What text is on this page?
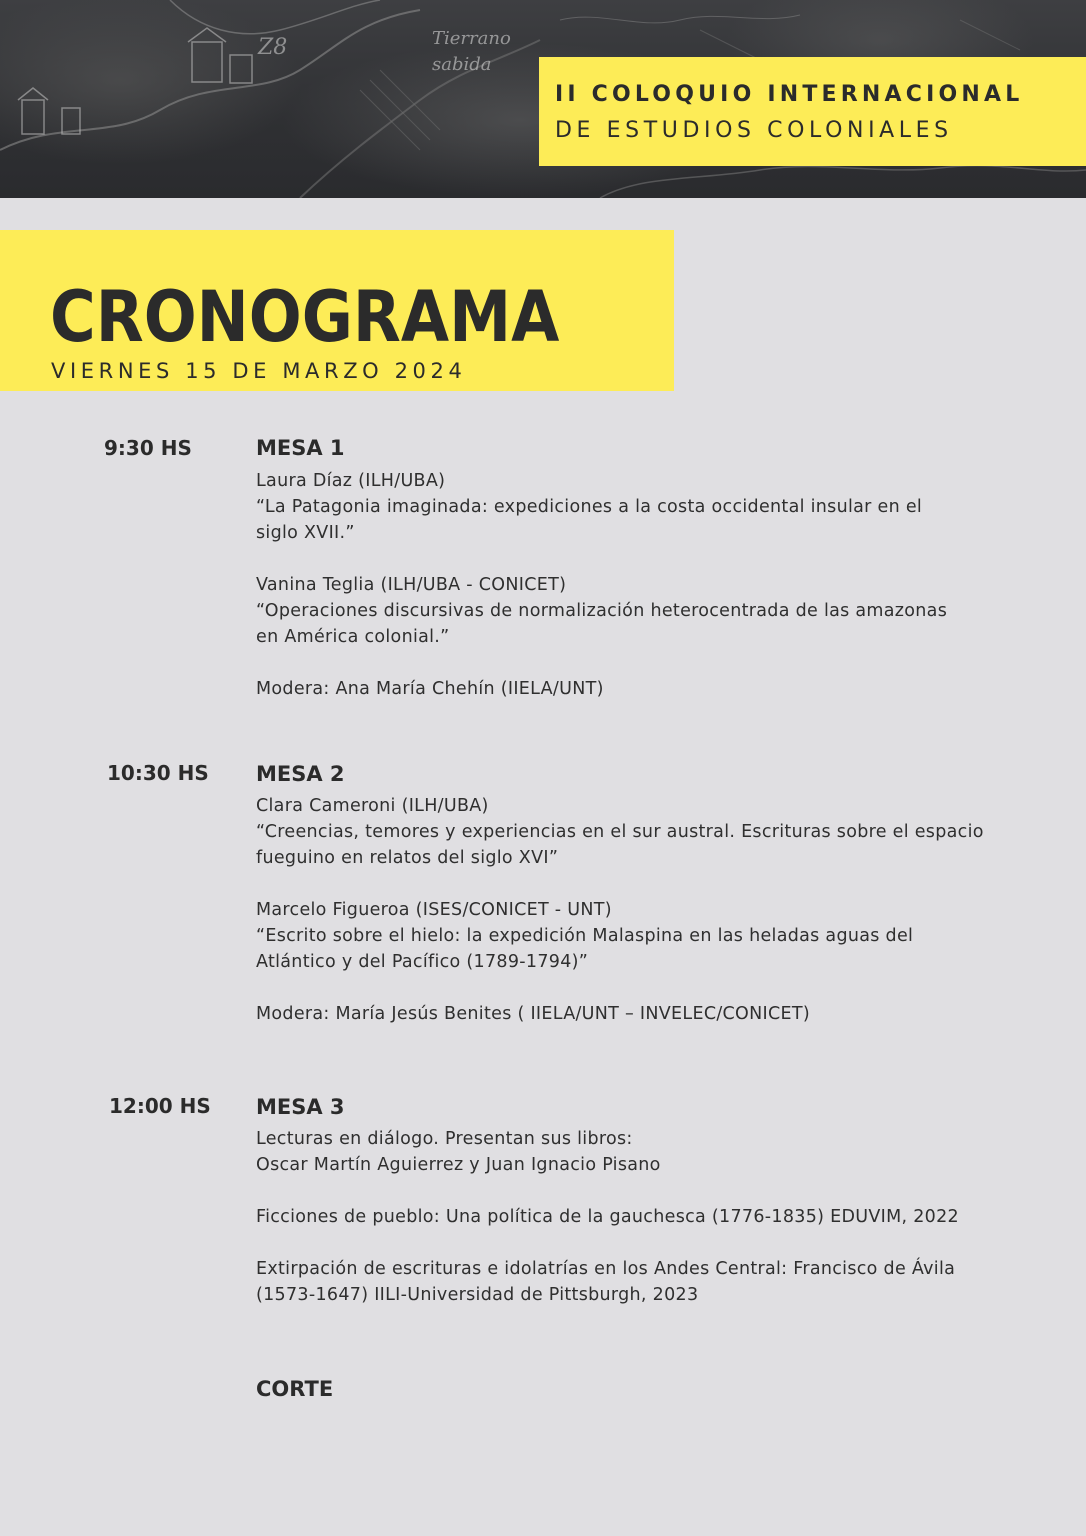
Tierrano
sabida
Z8
II COLOQUIO INTERNACIONAL
DE ESTUDIOS COLONIALES
CRONOGRAMA
VIERNES 15 DE MARZO 2024
9:30 HS	MESA 1
Laura Díaz (ILH/UBA)
“La Patagonia imaginada: expediciones a la costa occidental insular en el
siglo XVII.”
Vanina Teglia (ILH/UBA - CONICET)
“Operaciones discursivas de normalización heterocentrada de las amazonas
en América colonial.”
Modera: Ana María Chehín (IIELA/UNT)
10:30 HS MESA 2
Clara Cameroni (ILH/UBA)
“Creencias, temores y experiencias en el sur austral. Escrituras sobre el espacio
fueguino en relatos del siglo XVI”
Marcelo Figueroa (ISES/CONICET - UNT)
“Escrito sobre el hielo: la expedición Malaspina en las heladas aguas del
Atlántico y del Pacífico (1789-1794)”
Modera: María Jesús Benites ( IIELA/UNT – INVELEC/CONICET)
12:00 HS MESA 3
Lecturas en diálogo. Presentan sus libros:
Oscar Martín Aguierrez y Juan Ignacio Pisano
Ficciones de pueblo: Una política de la gauchesca (1776-1835) EDUVIM, 2022
Extirpación de escrituras e idolatrías en los Andes Central: Francisco de Ávila
(1573-1647) IILI-Universidad de Pittsburgh, 2023
CORTE
